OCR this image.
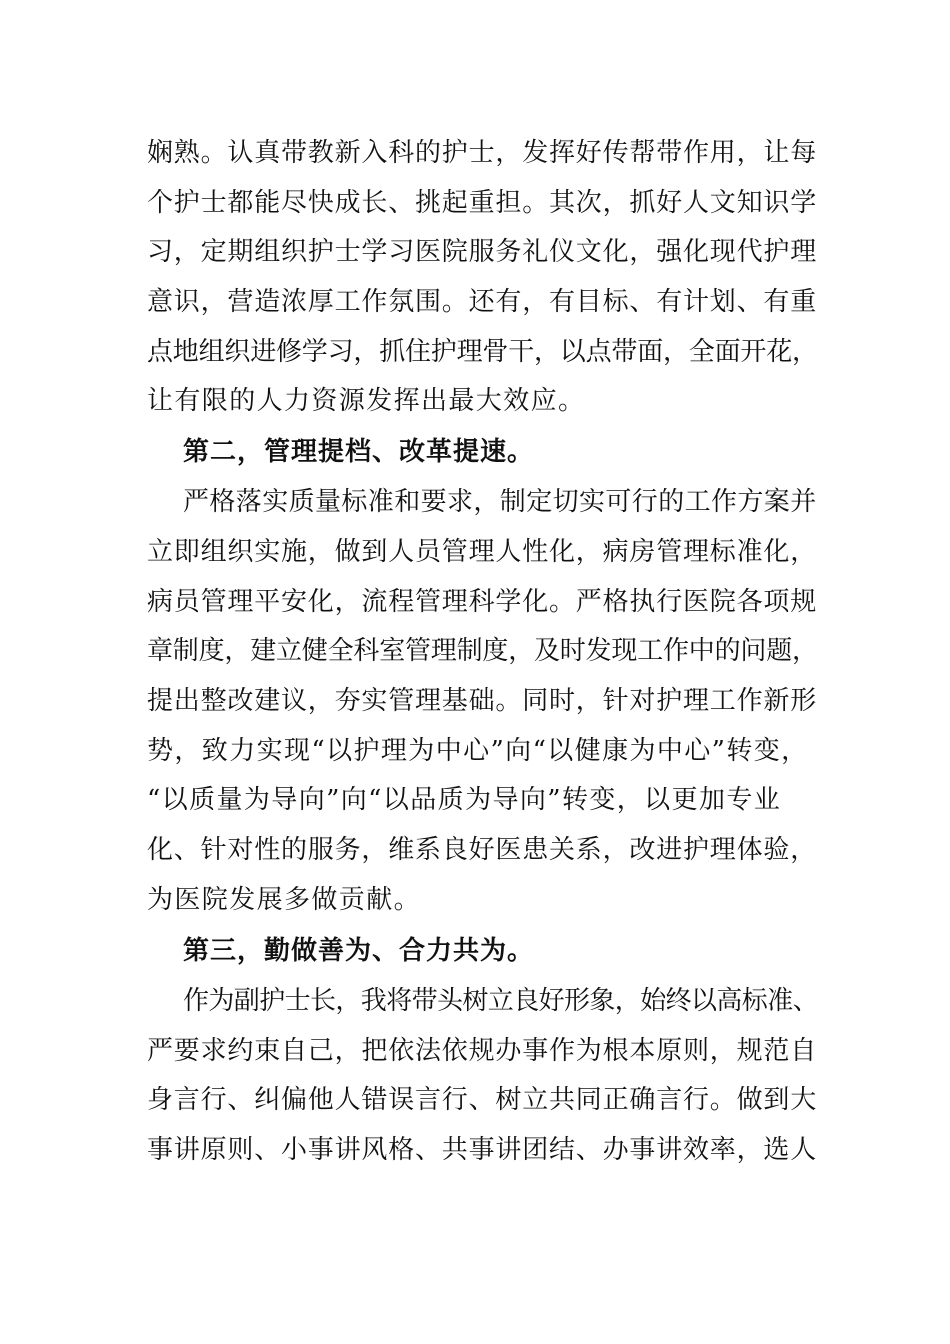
娴熟。认真带教新入科的护士，发挥好传帮带作用，让每
个护士都能尽快成长、挑起重担。其次，抓好人文知识学
习，定期组织护士学习医院服务礼仪文化，强化现代护理
意识，营造浓厚工作氛围。还有，有目标、有计划、有重
点地组织进修学习，抓住护理骨干，以点带面，全面开花，
让有限的人力资源发挥出最大效应。
第二，管理提档、改革提速。
严格落实质量标准和要求，制定切实可行的工作方案并
立即组织实施，做到人员管理人性化，病房管理标准化，
病员管理平安化，流程管理科学化。严格执行医院各项规
章制度，建立健全科室管理制度，及时发现工作中的问题，
提出整改建议，夯实管理基础。同时，针对护理工作新形
势，致力实现“以护理为中心”向“以健康为中心”转变，
“以质量为导向”向“以品质为导向”转变，以更加专业
化、针对性的服务，维系良好医患关系，改进护理体验，
为医院发展多做贡献。
第三，勤做善为、合力共为。
作为副护士长，我将带头树立良好形象，始终以高标准、
严要求约束自己，把依法依规办事作为根本原则，规范自
身言行、纠偏他人错误言行、树立共同正确言行。做到大
事讲原则、小事讲风格、共事讲团结、办事讲效率，选人
